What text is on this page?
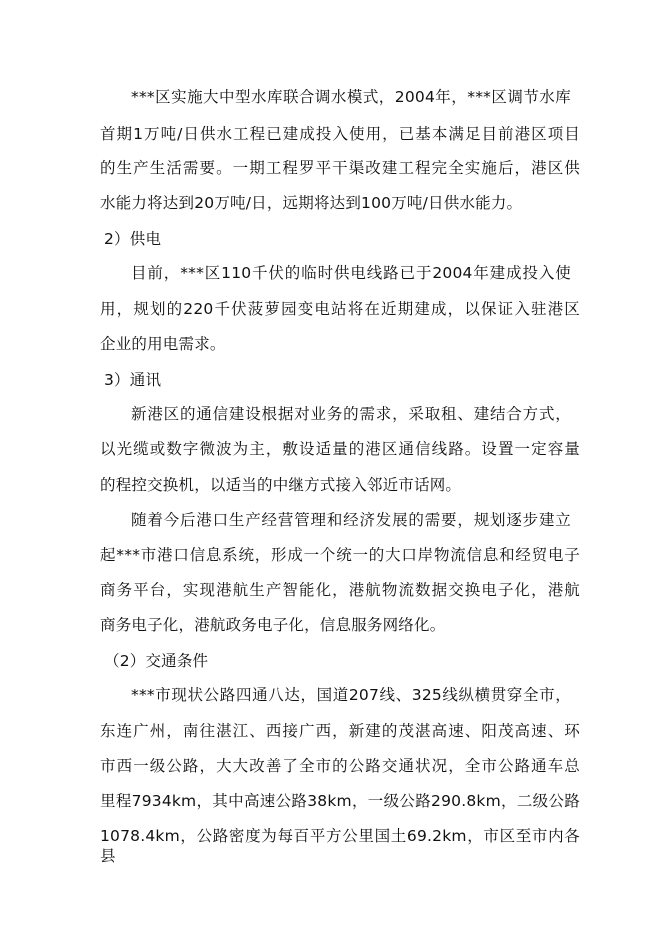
***区实施大中型水库联合调水模式，2004年，***区调节水库
首期1万吨/日供水工程已建成投入使用，已基本满足目前港区项目
的生产生活需要。一期工程罗平干渠改建工程完全实施后，港区供
水能力将达到20万吨/日，远期将达到100万吨/日供水能力。
2）供电
目前，***区110千伏的临时供电线路已于2004年建成投入使
用，规划的220千伏菠萝园变电站将在近期建成，以保证入驻港区
企业的用电需求。
3）通讯
新港区的通信建设根据对业务的需求，采取租、建结合方式，
以光缆或数字微波为主，敷设适量的港区通信线路。设置一定容量
的程控交换机，以适当的中继方式接入邻近市话网。
随着今后港口生产经营管理和经济发展的需要，规划逐步建立
起***市港口信息系统，形成一个统一的大口岸物流信息和经贸电子
商务平台，实现港航生产智能化，港航物流数据交换电子化，港航
商务电子化，港航政务电子化，信息服务网络化。
（2）交通条件
***市现状公路四通八达，国道207线、325线纵横贯穿全市，
东连广州，南往湛江、西接广西，新建的茂湛高速、阳茂高速、环
市西一级公路，大大改善了全市的公路交通状况，全市公路通车总
里程7934km，其中高速公路38km，一级公路290.8km，二级公路
1078.4km，公路密度为每百平方公里国土69.2km，市区至市内各县
